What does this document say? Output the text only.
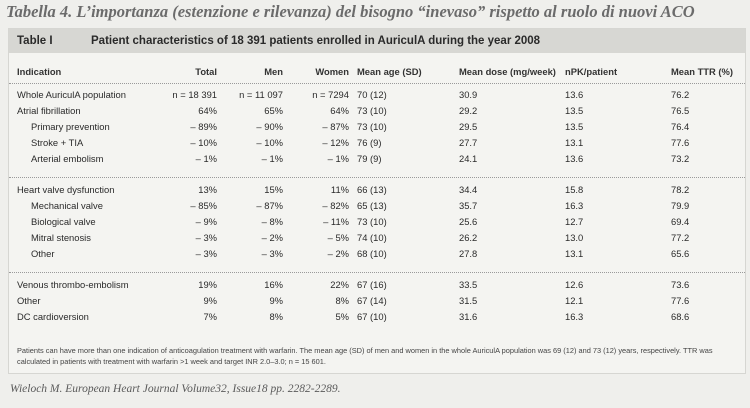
Tabella 4. L’importanza (estenzione e rilevanza) del bisogno “inevaso” rispetto al ruolo di nuovi ACO
Table I	Patient characteristics of 18 391 patients enrolled in AuriculA during the year 2008
Indication	Total	Men	Women Mean age (SD)	Mean dose (mg/week) nPK/patient	Mean TTR (%)
Whole AuriculA population	n = 18 391	n = 11 097	n = 7294 70 (12)	30.9	13.6	76.2
Atrial fibrillation	64%	65%	64% 73 (10)	29.2	13.5	76.5
Primary prevention	– 89%	– 90%	– 87% 73 (10)	29.5	13.5	76.4
Stroke + TIA	– 10%	– 10%	– 12% 76 (9)	27.7	13.1	77.6
Arterial embolism	– 1%	– 1%	– 1% 79 (9)	24.1	13.6	73.2
Heart valve dysfunction	13%	15%	11% 66 (13)	34.4	15.8	78.2
Mechanical valve	– 85%	– 87%	– 82% 65 (13)	35.7	16.3	79.9
Biological valve	– 9%	– 8%	– 11% 73 (10)	25.6	12.7	69.4
Mitral stenosis	– 3%	– 2%	– 5% 74 (10)	26.2	13.0	77.2
Other	– 3%	– 3%	– 2% 68 (10)	27.8	13.1	65.6
Venous thrombo-embolism	19%	16%	22% 67 (16)	33.5	12.6	73.6
Other	9%	9%	8% 67 (14)	31.5	12.1	77.6
DC cardioversion	7%	8%	5% 67 (10)	31.6	16.3	68.6
Patients can have more than one indication of anticoagulation treatment with warfarin. The mean age (SD) of men and women in the whole AuriculA population was 69 (12) and 73 (12) years, respectively. TTR was calculated in patients with treatment with warfarin >1 week and target INR 2.0–3.0; n = 15 601.
Wieloch M. European Heart Journal Volume32, Issue18 pp. 2282-2289.
